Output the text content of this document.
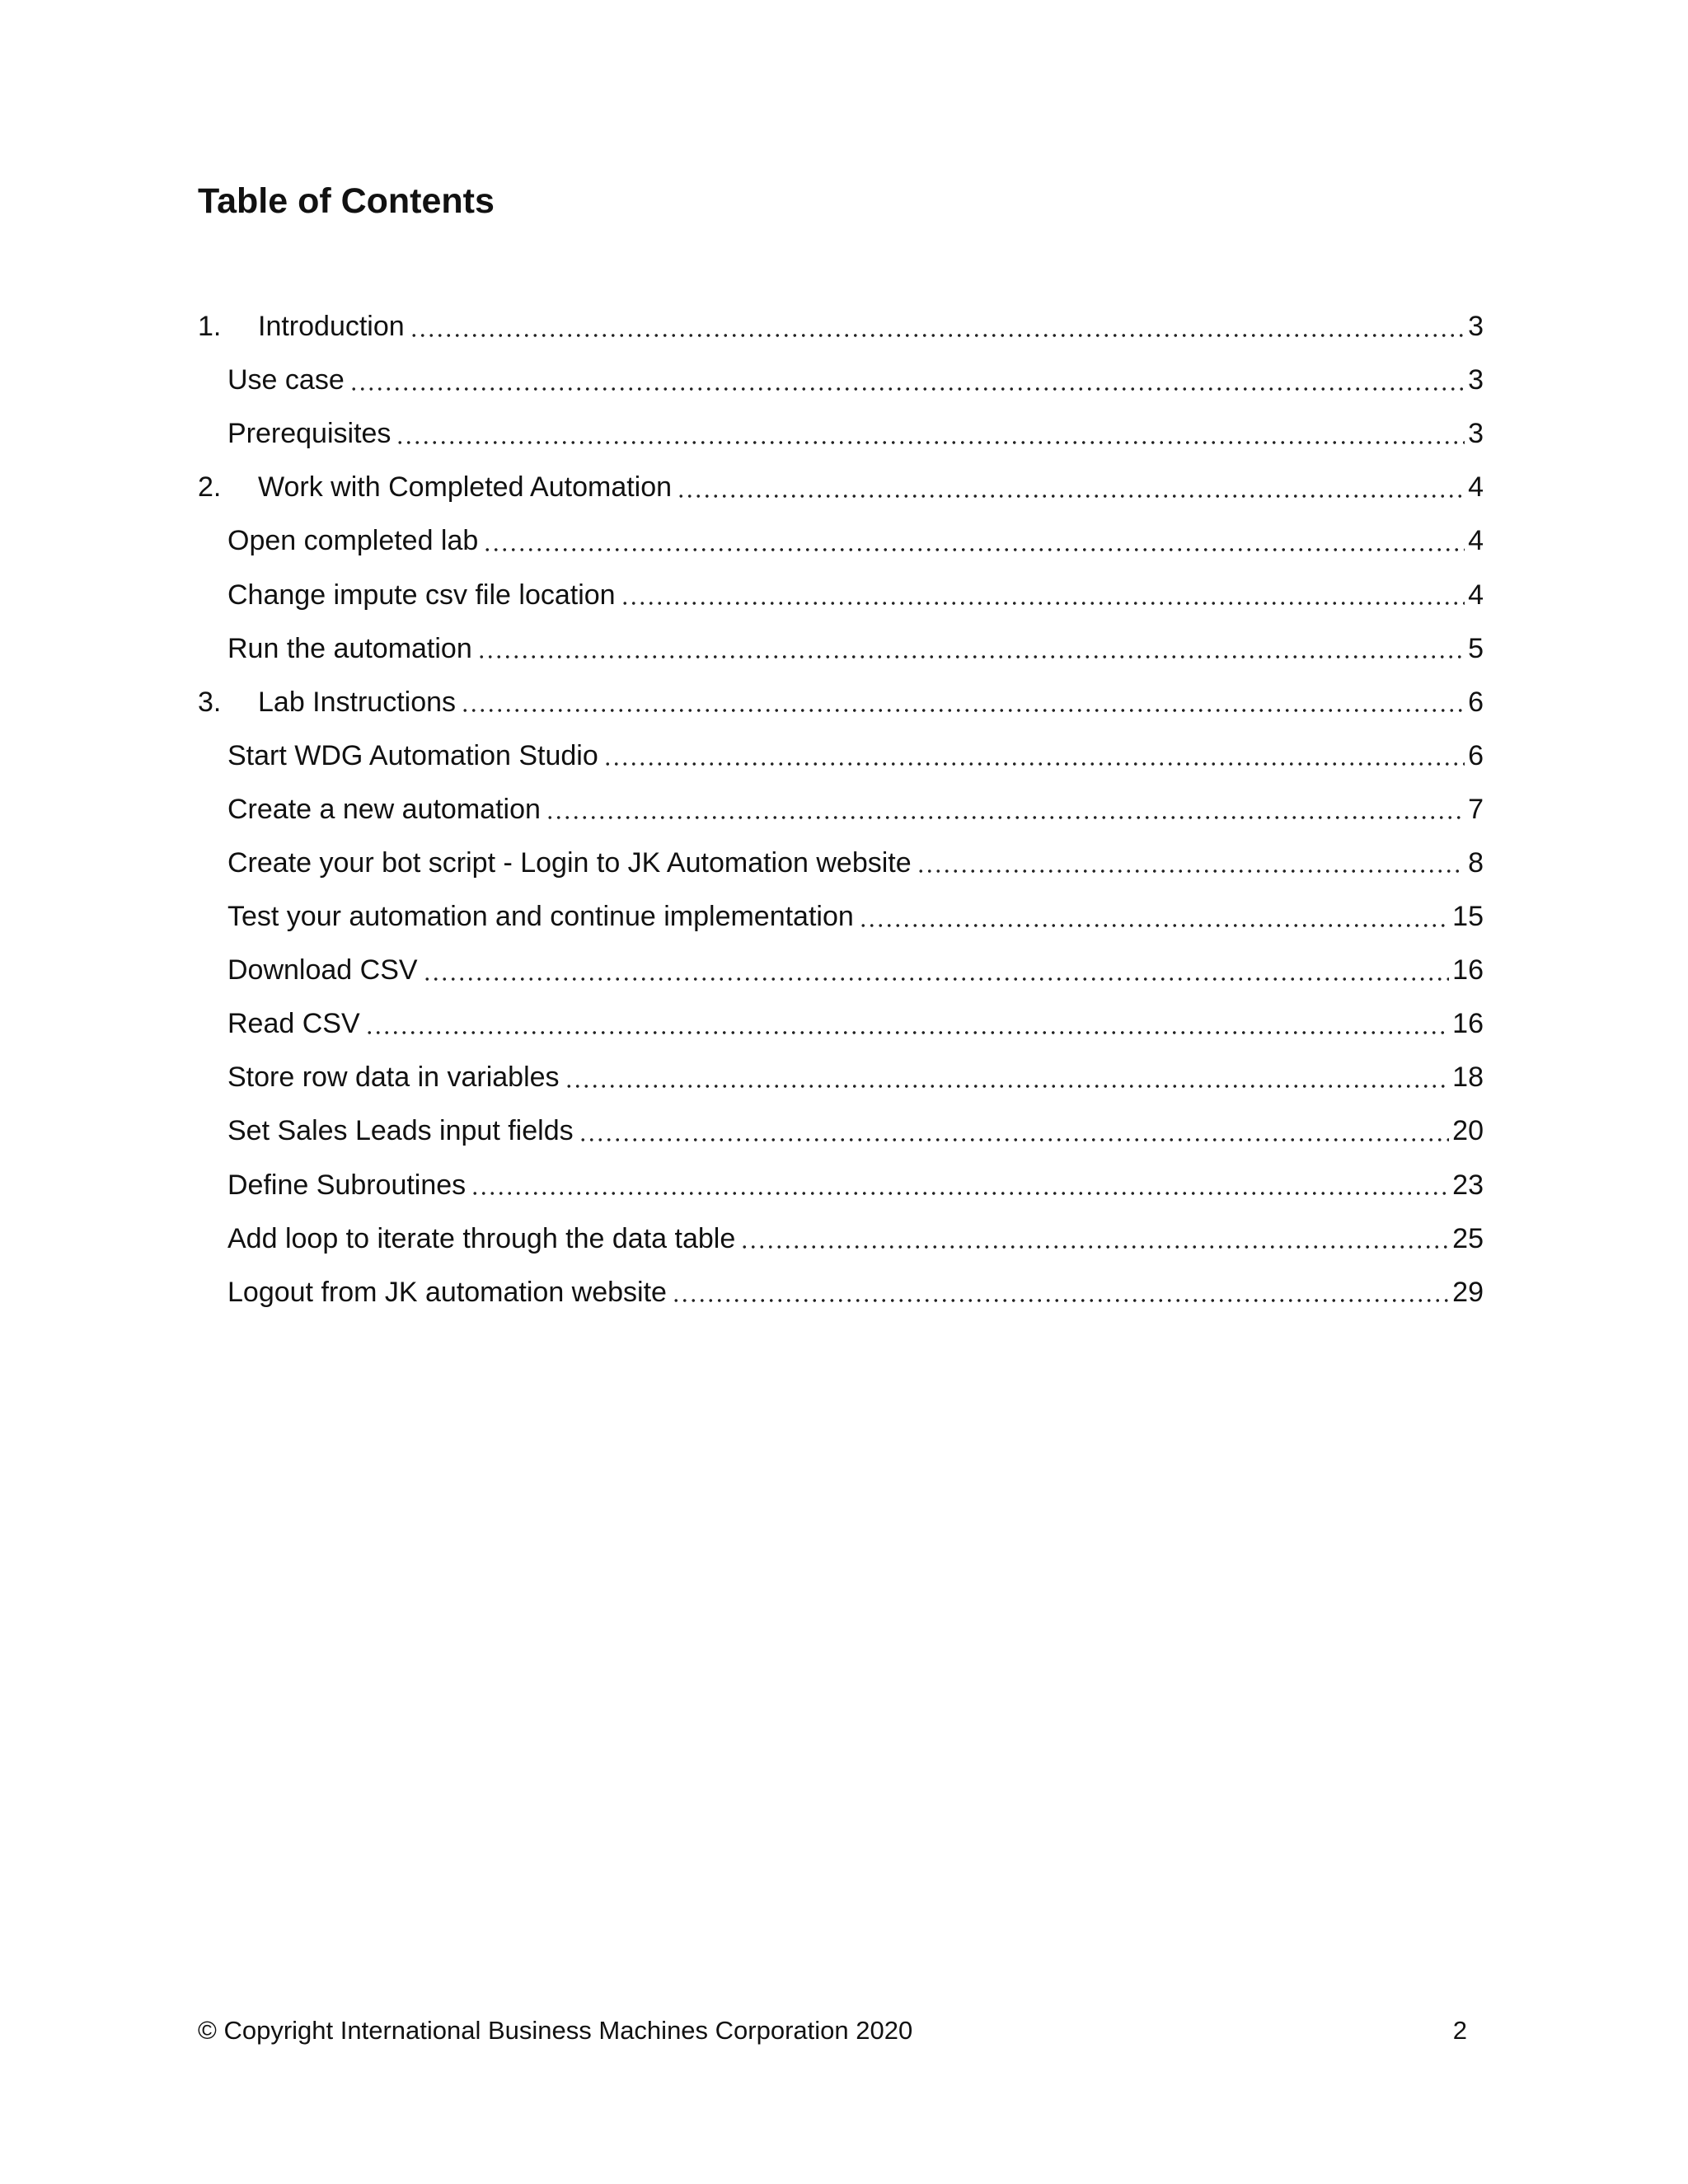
Table of Contents
1.	Introduction	3
Use case	3
Prerequisites	3
2.	Work with Completed Automation	4
Open completed lab	4
Change impute csv file location	4
Run the automation	5
3.	Lab Instructions	6
Start WDG Automation Studio	6
Create a new automation	7
Create your bot script - Login to JK Automation website	8
Test your automation and continue implementation	15
Download CSV	16
Read CSV	16
Store row data in variables	18
Set Sales Leads input fields	20
Define Subroutines	23
Add loop to iterate through the data table	25
Logout from JK automation website	29
© Copyright International Business Machines Corporation 2020	2
